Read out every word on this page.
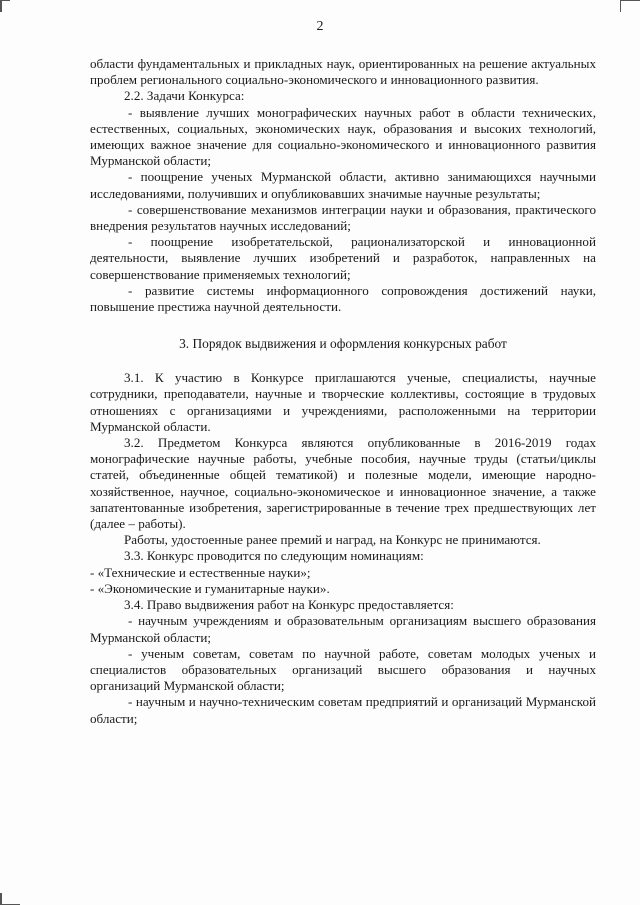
2

области фундаментальных и прикладных наук, ориентированных на решение актуальных проблем регионального социально-экономического и инновационного развития.

2.2. Задачи Конкурса:

- выявление лучших монографических научных работ в области технических, естественных, социальных, экономических наук, образования и высоких технологий, имеющих важное значение для социально-экономического и инновационного развития Мурманской области;

- поощрение ученых Мурманской области, активно занимающихся научными исследованиями, получивших и опубликовавших значимые научные результаты;

- совершенствование механизмов интеграции науки и образования, практического внедрения результатов научных исследований;

- поощрение изобретательской, рационализаторской и инновационной деятельности, выявление лучших изобретений и разработок, направленных на совершенствование применяемых технологий;

- развитие системы информационного сопровождения достижений науки, повышение престижа научной деятельности.

3. Порядок выдвижения и оформления конкурсных работ

3.1. К участию в Конкурсе приглашаются ученые, специалисты, научные сотрудники, преподаватели, научные и творческие коллективы, состоящие в трудовых отношениях с организациями и учреждениями, расположенными на территории Мурманской области.

3.2. Предметом Конкурса являются опубликованные в 2016-2019 годах монографические научные работы, учебные пособия, научные труды (статьи/циклы статей, объединенные общей тематикой) и полезные модели, имеющие народно-хозяйственное, научное, социально-экономическое и инновационное значение, а также запатентованные изобретения, зарегистрированные в течение трех предшествующих лет (далее – работы).

Работы, удостоенные ранее премий и наград, на Конкурс не принимаются.

3.3. Конкурс проводится по следующим номинациям:

- «Технические и естественные науки»;

- «Экономические и гуманитарные науки».

3.4. Право выдвижения работ на Конкурс предоставляется:

- научным учреждениям и образовательным организациям высшего образования Мурманской области;

- ученым советам, советам по научной работе, советам молодых ученых и специалистов образовательных организаций высшего образования и научных организаций Мурманской области;

- научным и научно-техническим советам предприятий и организаций Мурманской области;
